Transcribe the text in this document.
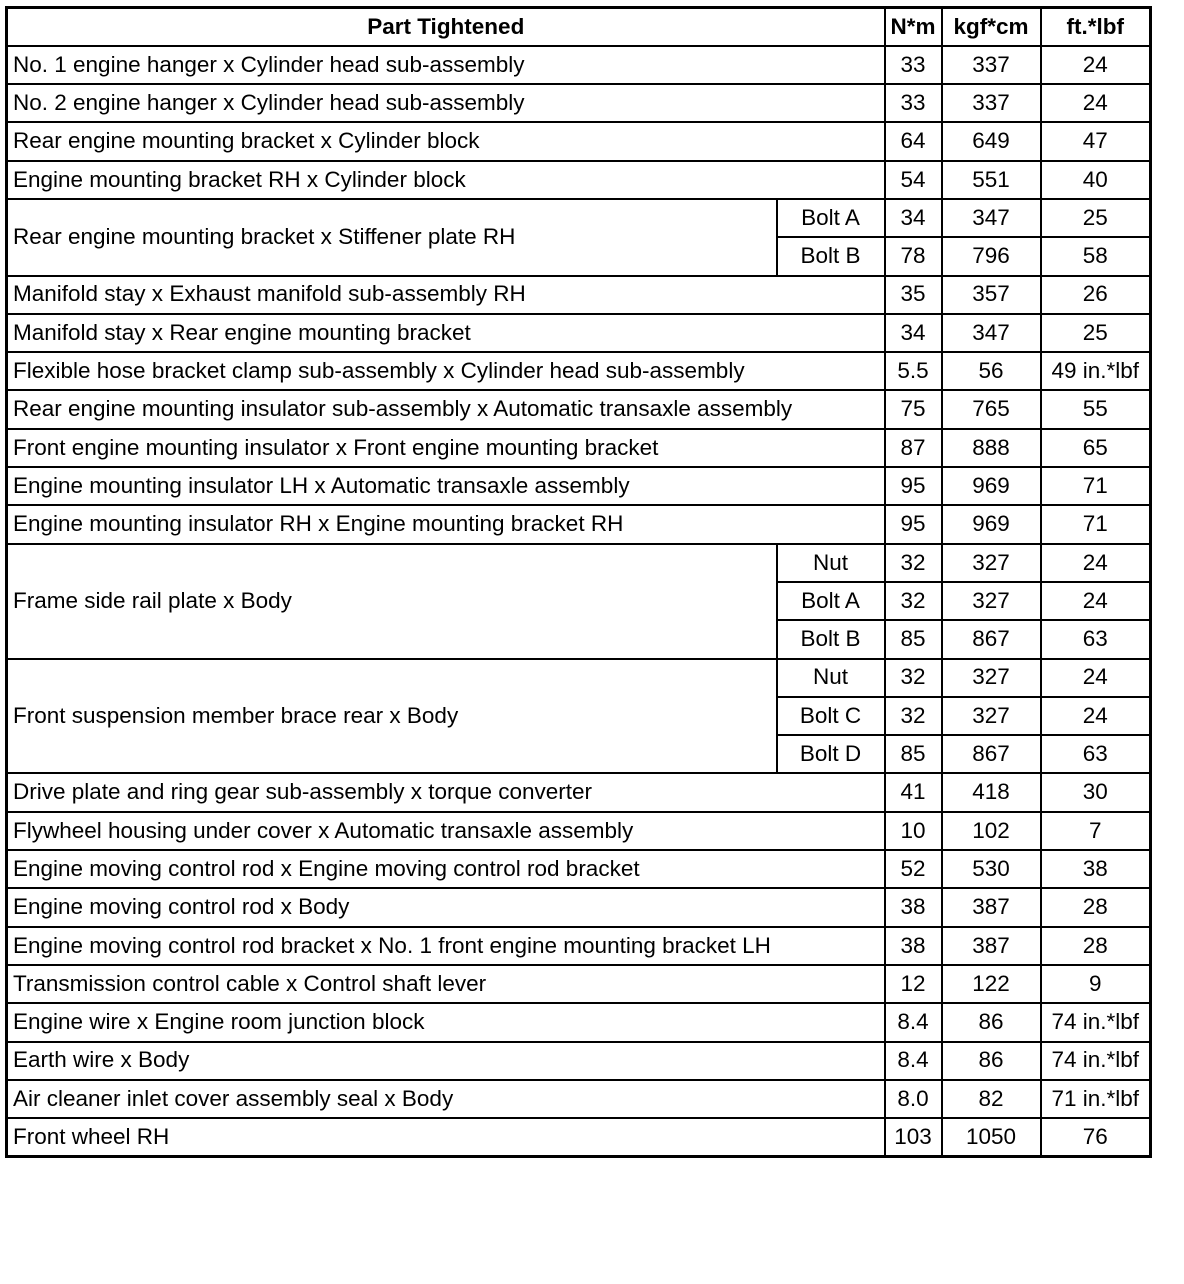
Part Tightened		N*m	kgf*cm	ft.*lbf
No. 1 engine hanger x Cylinder head sub-assembly		33	337	24
No. 2 engine hanger x Cylinder head sub-assembly		33	337	24
Rear engine mounting bracket x Cylinder block		64	649	47
Engine mounting bracket RH x Cylinder block		54	551	40
Rear engine mounting bracket x Stiffener plate RH	Bolt A	34	347	25
	Bolt B	78	796	58
Manifold stay x Exhaust manifold sub-assembly RH		35	357	26
Manifold stay x Rear engine mounting bracket		34	347	25
Flexible hose bracket clamp sub-assembly x Cylinder head sub-assembly		5.5	56	49 in.*lbf
Rear engine mounting insulator sub-assembly x Automatic transaxle assembly		75	765	55
Front engine mounting insulator x Front engine mounting bracket		87	888	65
Engine mounting insulator LH x Automatic transaxle assembly		95	969	71
Engine mounting insulator RH x Engine mounting bracket RH		95	969	71
Frame side rail plate x Body	Nut	32	327	24
	Bolt A	32	327	24
	Bolt B	85	867	63
Front suspension member brace rear x Body	Nut	32	327	24
	Bolt C	32	327	24
	Bolt D	85	867	63
Drive plate and ring gear sub-assembly x torque converter		41	418	30
Flywheel housing under cover x Automatic transaxle assembly		10	102	7
Engine moving control rod x Engine moving control rod bracket		52	530	38
Engine moving control rod x Body		38	387	28
Engine moving control rod bracket x No. 1 front engine mounting bracket LH		38	387	28
Transmission control cable x Control shaft lever		12	122	9
Engine wire x Engine room junction block		8.4	86	74 in.*lbf
Earth wire x Body		8.4	86	74 in.*lbf
Air cleaner inlet cover assembly seal x Body		8.0	82	71 in.*lbf
Front wheel RH		103	1050	76
